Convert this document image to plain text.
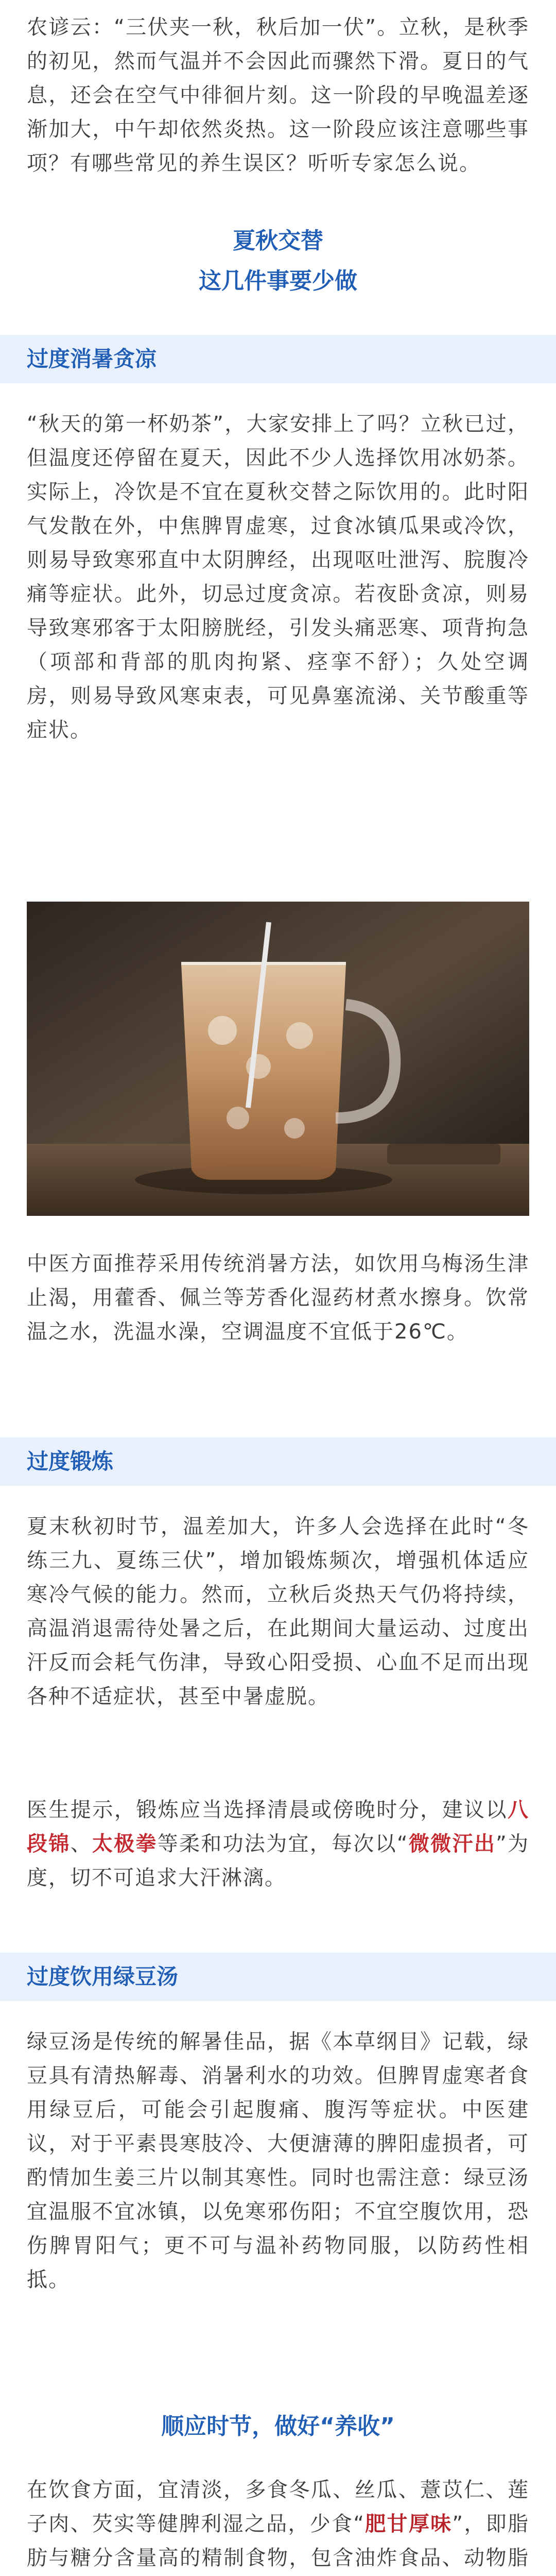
农谚云：“三伏夹一秋，秋后加一伏”。立秋，是秋季的初见，然而气温并不会因此而骤然下滑。夏日的气息，还会在空气中徘徊片刻。这一阶段的早晚温差逐渐加大，中午却依然炎热。这一阶段应该注意哪些事项？有哪些常见的养生误区？听听专家怎么说。

夏秋交替
这几件事要少做
过度消暑贪凉

“秋天的第一杯奶茶”，大家安排上了吗？立秋已过，但温度还停留在夏天，因此不少人选择饮用冰奶茶。实际上，冷饮是不宜在夏秋交替之际饮用的。此时阳气发散在外，中焦脾胃虚寒，过食冰镇瓜果或冷饮，则易导致寒邪直中太阴脾经，出现呕吐泄泻、脘腹冷痛等症状。此外，切忌过度贪凉。若夜卧贪凉，则易导致寒邪客于太阳膀胱经，引发头痛恶寒、项背拘急（项部和背部的肌肉拘紧、痉挛不舒）；久处空调房，则易导致风寒束表，可见鼻塞流涕、关节酸重等症状。

中医方面推荐采用传统消暑方法，如饮用乌梅汤生津止渴，用藿香、佩兰等芳香化湿药材煮水擦身。饮常温之水，洗温水澡，空调温度不宜低于26℃。

过度锻炼

夏末秋初时节，温差加大，许多人会选择在此时“冬练三九、夏练三伏”，增加锻炼频次，增强机体适应寒冷气候的能力。然而，立秋后炎热天气仍将持续，高温消退需待处暑之后，在此期间大量运动、过度出汗反而会耗气伤津，导致心阳受损、心血不足而出现各种不适症状，甚至中暑虚脱。

医生提示，锻炼应当选择清晨或傍晚时分，建议以八段锦、太极拳等柔和功法为宜，每次以“微微汗出”为度，切不可追求大汗淋漓。

过度饮用绿豆汤

绿豆汤是传统的解暑佳品，据《本草纲目》记载，绿豆具有清热解毒、消暑利水的功效。但脾胃虚寒者食用绿豆后，可能会引起腹痛、腹泻等症状。中医建议，对于平素畏寒肢冷、大便溏薄的脾阳虚损者，可酌情加生姜三片以制其寒性。同时也需注意：绿豆汤宜温服不宜冰镇，以免寒邪伤阳；不宜空腹饮用，恐伤脾胃阳气；更不可与温补药物同服，以防药性相抵。

顺应时节，做好“养收”

在饮食方面，宜清淡，多食冬瓜、丝瓜、薏苡仁、莲子肉、芡实等健脾利湿之品，少食“肥甘厚味”，即脂肪与糖分含量高的精制食物，包含油炸食品、动物脂
